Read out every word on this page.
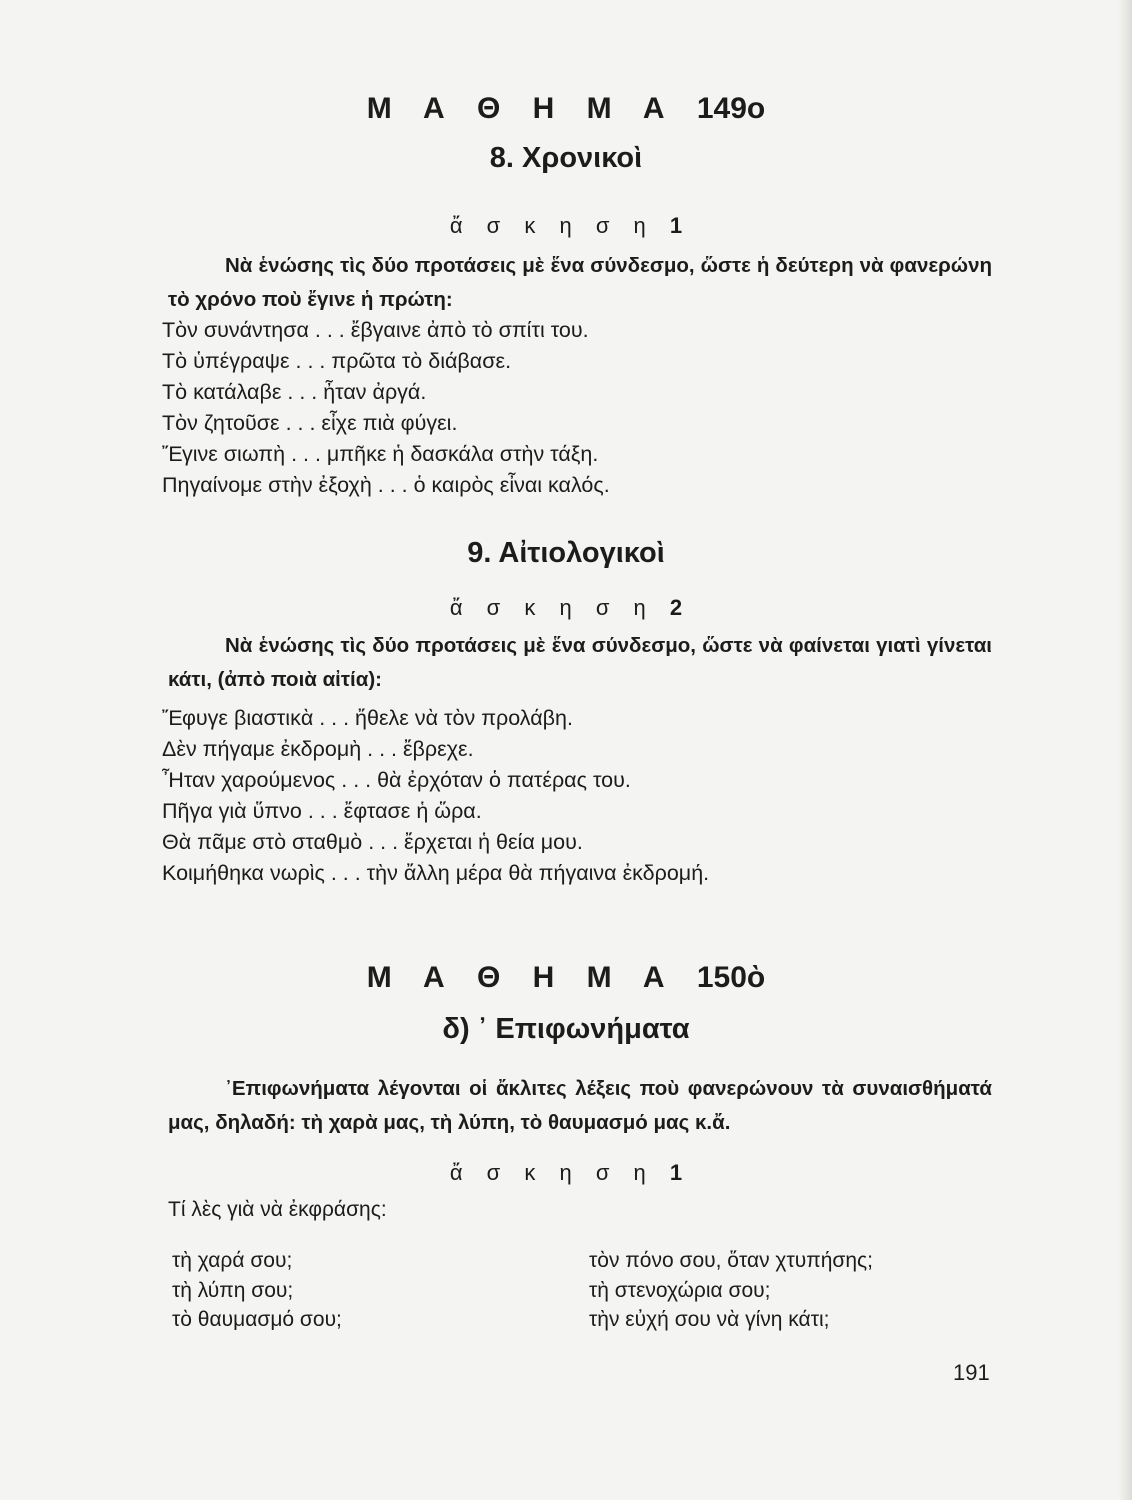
Μ Α Θ Η Μ Α 149ο
8. Χρονικοὶ
ἄ σ κ η σ η 1
Νὰ ἑνώσης τὶς δύο προτάσεις μὲ ἕνα σύνδεσμο, ὥστε ἡ δεύτερη νὰ φανερώνη τὸ χρόνο ποὺ ἔγινε ἡ πρώτη:
Τὸν συνάντησα . . . ἔβγαινε ἀπὸ τὸ σπίτι του.
Τὸ ὑπέγραψε . . . πρῶτα τὸ διάβασε.
Τὸ κατάλαβε . . . ἦταν ἀργά.
Τὸν ζητοῦσε . . . εἶχε πιὰ φύγει.
Ἔγινε σιωπὴ . . . μπῆκε ἡ δασκάλα στὴν τάξη.
Πηγαίνομε στὴν ἐξοχὴ . . . ὁ καιρὸς εἶναι καλός.
9. Αἰτιολογικοὶ
ἄ σ κ η σ η 2
Νὰ ἑνώσης τὶς δύο προτάσεις μὲ ἕνα σύνδεσμο, ὥστε νὰ φαίνεται γιατὶ γίνεται κάτι, (ἀπὸ ποιὰ αἰτία):
Ἔφυγε βιαστικὰ . . . ἤθελε νὰ τὸν προλάβη.
Δὲν πήγαμε ἐκδρομὴ . . . ἔβρεχε.
Ἦταν χαρούμενος . . . θὰ ἐρχόταν ὁ πατέρας του.
Πῆγα γιὰ ὕπνο . . . ἔφτασε ἡ ὥρα.
Θὰ πᾶμε στὸ σταθμὸ . . . ἔρχεται ἡ θεία μου.
Κοιμήθηκα νωρὶς . . . τὴν ἄλλη μέρα θὰ πήγαινα ἐκδρομή.
Μ Α Θ Η Μ Α 150ὸ
δ) ᾿ Επιφωνήματα
᾿Επιφωνήματα λέγονται οἱ ἄκλιτες λέξεις ποὺ φανερώνουν τὰ συναισθήματά μας, δηλαδή: τὴ χαρὰ μας, τὴ λύπη, τὸ θαυμασμό μας κ.ἄ.
ἄ σ κ η σ η 1
Τί λὲς γιὰ νὰ ἐκφράσης:
τὴ χαρά σου;
τὴ λύπη σου;
τὸ θαυμασμό σου;
τὸν πόνο σου, ὅταν χτυπήσης;
τὴ στενοχώρια σου;
τὴν εὐχή σου νὰ γίνη κάτι;
191
